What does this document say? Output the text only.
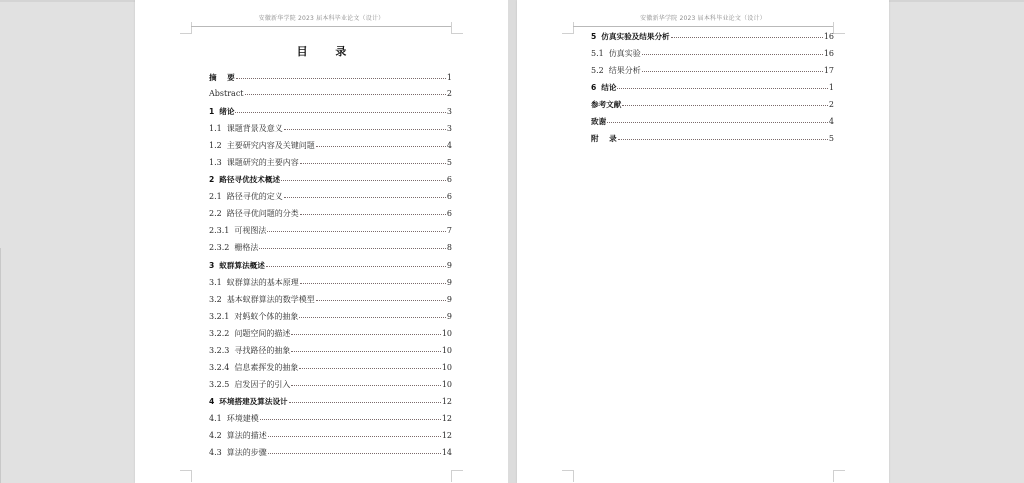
安徽新华学院 2023 届本科毕业论文（设计）
目 录
摘    要	1
Abstract	2
1 绪论	3
1.1 课题背景及意义	3
1.2 主要研究内容及关键问题	4
1.3 课题研究的主要内容	5
2 路径寻优技术概述	6
2.1 路径寻优的定义	6
2.2 路径寻优问题的分类	6
2.3.1 可视图法	7
2.3.2 栅格法	8
3 蚁群算法概述	9
3.1 蚁群算法的基本原理	9
3.2 基本蚁群算法的数学模型	9
3.2.1 对蚂蚁个体的抽象	9
3.2.2 问题空间的描述	10
3.2.3 寻找路径的抽象	10
3.2.4 信息素挥发的抽象	10
3.2.5 启发因子的引入	10
4 环境搭建及算法设计	12
4.1 环境建模	12
4.2 算法的描述	12
4.3 算法的步骤	14
安徽新华学院 2023 届本科毕业论文（设计）
5 仿真实验及结果分析	16
5.1 仿真实验	16
5.2 结果分析	17
6 结论	1
参考文献	2
致谢	4
附    录	5
